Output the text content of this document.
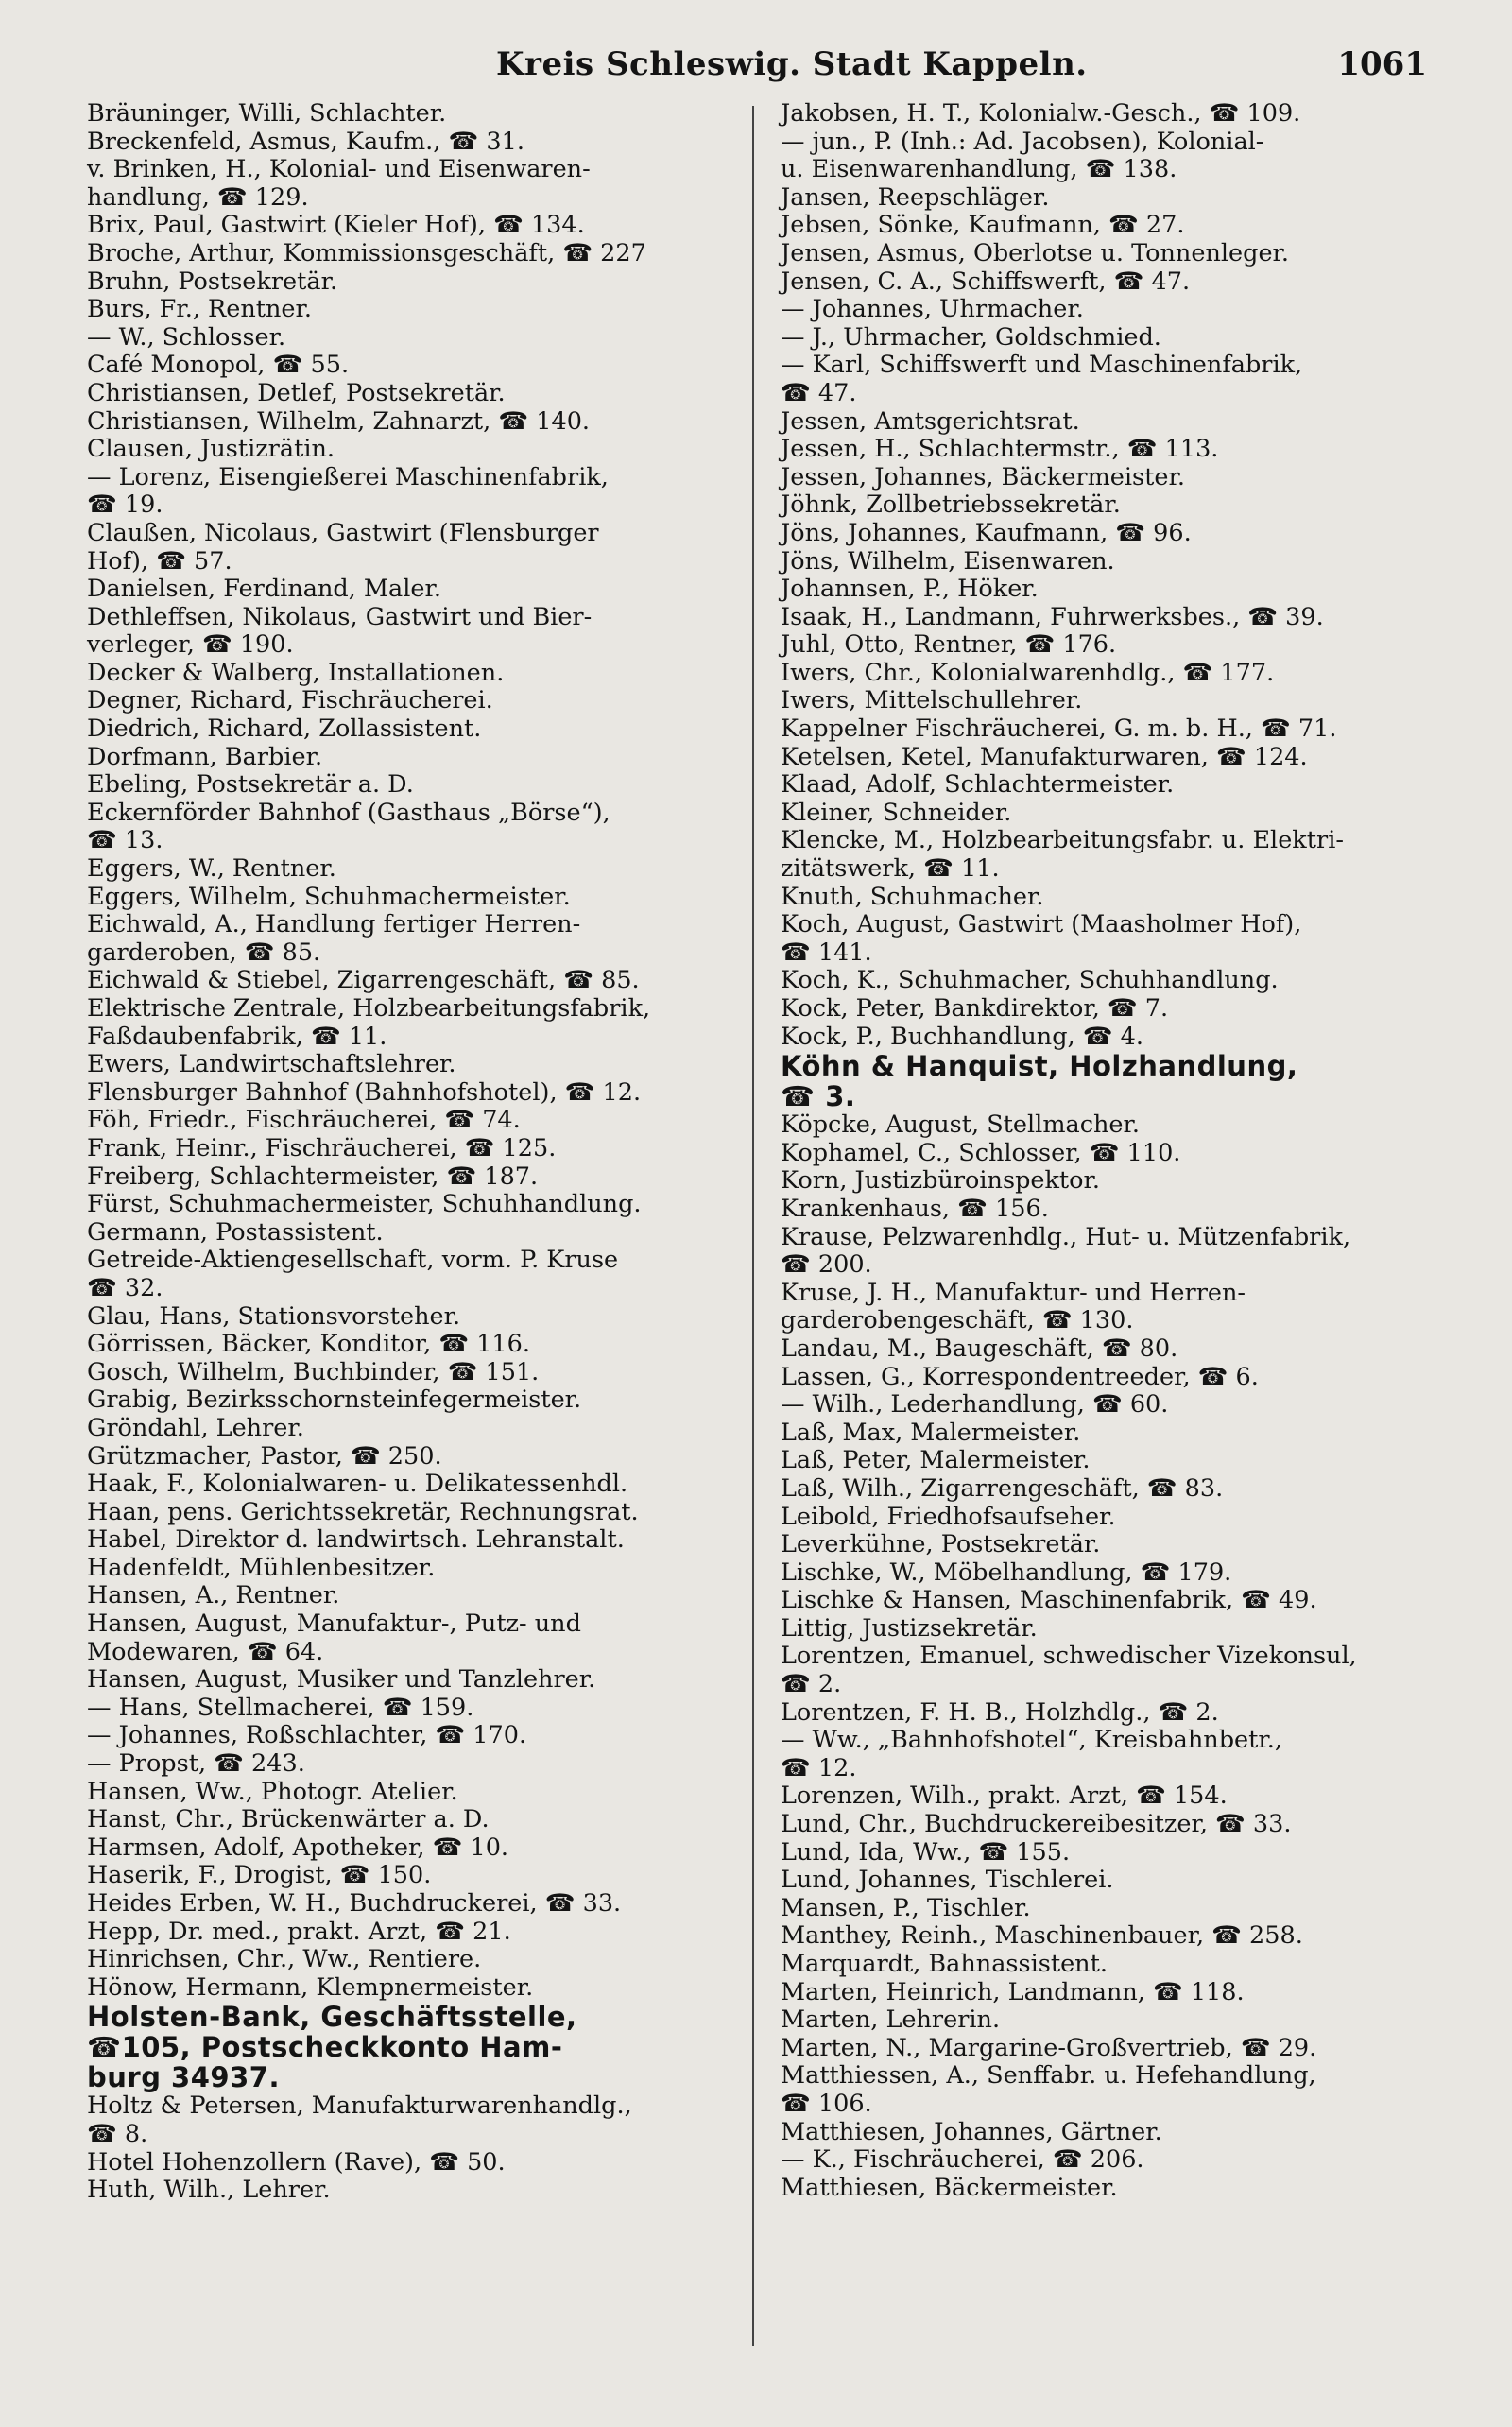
Kreis Schleswig. Stadt Kappeln.	1061

Bräuninger, Willi, Schlachter.

Breckenfeld, Asmus, Kaufm., ☎ 31.

v. Brinken, H., Kolonial- und Eisenwaren-
handlung, ☎ 129.

Brix, Paul, Gastwirt (Kieler Hof), ☎ 134.

Broche, Arthur, Kommissionsgeschäft, ☎ 227

Bruhn, Postsekretär.

Burs, Fr., Rentner.

— W., Schlosser.

Café Monopol, ☎ 55.

Christiansen, Detlef, Postsekretär.

Christiansen, Wilhelm, Zahnarzt, ☎ 140.

Clausen, Justizrätin.

— Lorenz, Eisengießerei Maschinenfabrik,
☎ 19.

Claußen, Nicolaus, Gastwirt (Flensburger
Hof), ☎ 57.

Danielsen, Ferdinand, Maler.

Dethleffsen, Nikolaus, Gastwirt und Bier-
verleger, ☎ 190.

Decker & Walberg, Installationen.

Degner, Richard, Fischräucherei.

Diedrich, Richard, Zollassistent.

Dorfmann, Barbier.

Ebeling, Postsekretär a. D.

Eckernförder Bahnhof (Gasthaus „Börse“),
☎ 13.

Eggers, W., Rentner.

Eggers, Wilhelm, Schuhmachermeister.

Eichwald, A., Handlung fertiger Herren-
garderoben, ☎ 85.

Eichwald & Stiebel, Zigarrengeschäft, ☎ 85.

Elektrische Zentrale, Holzbearbeitungsfabrik,
Faßdaubenfabrik, ☎ 11.

Ewers, Landwirtschaftslehrer.

Flensburger Bahnhof (Bahnhofshotel), ☎ 12.

Föh, Friedr., Fischräucherei, ☎ 74.

Frank, Heinr., Fischräucherei, ☎ 125.

Freiberg, Schlachtermeister, ☎ 187.

Fürst, Schuhmachermeister, Schuhhandlung.

Germann, Postassistent.

Getreide-Aktiengesellschaft, vorm. P. Kruse
☎ 32.

Glau, Hans, Stationsvorsteher.

Görrissen, Bäcker, Konditor, ☎ 116.

Gosch, Wilhelm, Buchbinder, ☎ 151.

Grabig, Bezirksschornsteinfegermeister.

Gröndahl, Lehrer.

Grützmacher, Pastor, ☎ 250.

Haak, F., Kolonialwaren- u. Delikatessenhdl.

Haan, pens. Gerichtssekretär, Rechnungsrat.

Habel, Direktor d. landwirtsch. Lehranstalt.

Hadenfeldt, Mühlenbesitzer.

Hansen, A., Rentner.

Hansen, August, Manufaktur-, Putz- und
Modewaren, ☎ 64.

Hansen, August, Musiker und Tanzlehrer.

— Hans, Stellmacherei, ☎ 159.

— Johannes, Roßschlachter, ☎ 170.

— Propst, ☎ 243.

Hansen, Ww., Photogr. Atelier.

Hanst, Chr., Brückenwärter a. D.

Harmsen, Adolf, Apotheker, ☎ 10.

Haserik, F., Drogist, ☎ 150.

Heides Erben, W. H., Buchdruckerei, ☎ 33.

Hepp, Dr. med., prakt. Arzt, ☎ 21.

Hinrichsen, Chr., Ww., Rentiere.

Hönow, Hermann, Klempnermeister.

Holsten-Bank, Geschäftsstelle,
☎105, Postscheckkonto Ham-
burg 34937.

Holtz & Petersen, Manufakturwarenhandlg.,
☎ 8.

Hotel Hohenzollern (Rave), ☎ 50.

Huth, Wilh., Lehrer.

Jakobsen, H. T., Kolonialw.-Gesch., ☎ 109.

— jun., P. (Inh.: Ad. Jacobsen), Kolonial-
u. Eisenwarenhandlung, ☎ 138.

Jansen, Reepschläger.

Jebsen, Sönke, Kaufmann, ☎ 27.

Jensen, Asmus, Oberlotse u. Tonnenleger.

Jensen, C. A., Schiffswerft, ☎ 47.

— Johannes, Uhrmacher.

— J., Uhrmacher, Goldschmied.

— Karl, Schiffswerft und Maschinenfabrik,
☎ 47.

Jessen, Amtsgerichtsrat.

Jessen, H., Schlachtermstr., ☎ 113.

Jessen, Johannes, Bäckermeister.

Jöhnk, Zollbetriebssekretär.

Jöns, Johannes, Kaufmann, ☎ 96.

Jöns, Wilhelm, Eisenwaren.

Johannsen, P., Höker.

Isaak, H., Landmann, Fuhrwerksbes., ☎ 39.

Juhl, Otto, Rentner, ☎ 176.

Iwers, Chr., Kolonialwarenhdlg., ☎ 177.

Iwers, Mittelschullehrer.

Kappelner Fischräucherei, G. m. b. H., ☎ 71.

Ketelsen, Ketel, Manufakturwaren, ☎ 124.

Klaad, Adolf, Schlachtermeister.

Kleiner, Schneider.

Klencke, M., Holzbearbeitungsfabr. u. Elektri-
zitätswerk, ☎ 11.

Knuth, Schuhmacher.

Koch, August, Gastwirt (Maasholmer Hof),
☎ 141.

Koch, K., Schuhmacher, Schuhhandlung.

Kock, Peter, Bankdirektor, ☎ 7.

Kock, P., Buchhandlung, ☎ 4.

Köhn & Hanquist, Holzhandlung,
☎ 3.

Köpcke, August, Stellmacher.

Kophamel, C., Schlosser, ☎ 110.

Korn, Justizbüroinspektor.

Krankenhaus, ☎ 156.

Krause, Pelzwarenhdlg., Hut- u. Mützenfabrik,
☎ 200.

Kruse, J. H., Manufaktur- und Herren-
garderobengeschäft, ☎ 130.

Landau, M., Baugeschäft, ☎ 80.

Lassen, G., Korrespondentreeder, ☎ 6.

— Wilh., Lederhandlung, ☎ 60.

Laß, Max, Malermeister.

Laß, Peter, Malermeister.

Laß, Wilh., Zigarrengeschäft, ☎ 83.

Leibold, Friedhofsaufseher.

Leverkühne, Postsekretär.

Lischke, W., Möbelhandlung, ☎ 179.

Lischke & Hansen, Maschinenfabrik, ☎ 49.

Littig, Justizsekretär.

Lorentzen, Emanuel, schwedischer Vizekonsul,
☎ 2.

Lorentzen, F. H. B., Holzhdlg., ☎ 2.

— Ww., „Bahnhofshotel“, Kreisbahnbetr.,
☎ 12.

Lorenzen, Wilh., prakt. Arzt, ☎ 154.

Lund, Chr., Buchdruckereibesitzer, ☎ 33.

Lund, Ida, Ww., ☎ 155.

Lund, Johannes, Tischlerei.

Mansen, P., Tischler.

Manthey, Reinh., Maschinenbauer, ☎ 258.

Marquardt, Bahnassistent.

Marten, Heinrich, Landmann, ☎ 118.

Marten, Lehrerin.

Marten, N., Margarine-Großvertrieb, ☎ 29.

Matthiessen, A., Senffabr. u. Hefehandlung,
☎ 106.

Matthiesen, Johannes, Gärtner.

— K., Fischräucherei, ☎ 206.

Matthiesen, Bäckermeister.
